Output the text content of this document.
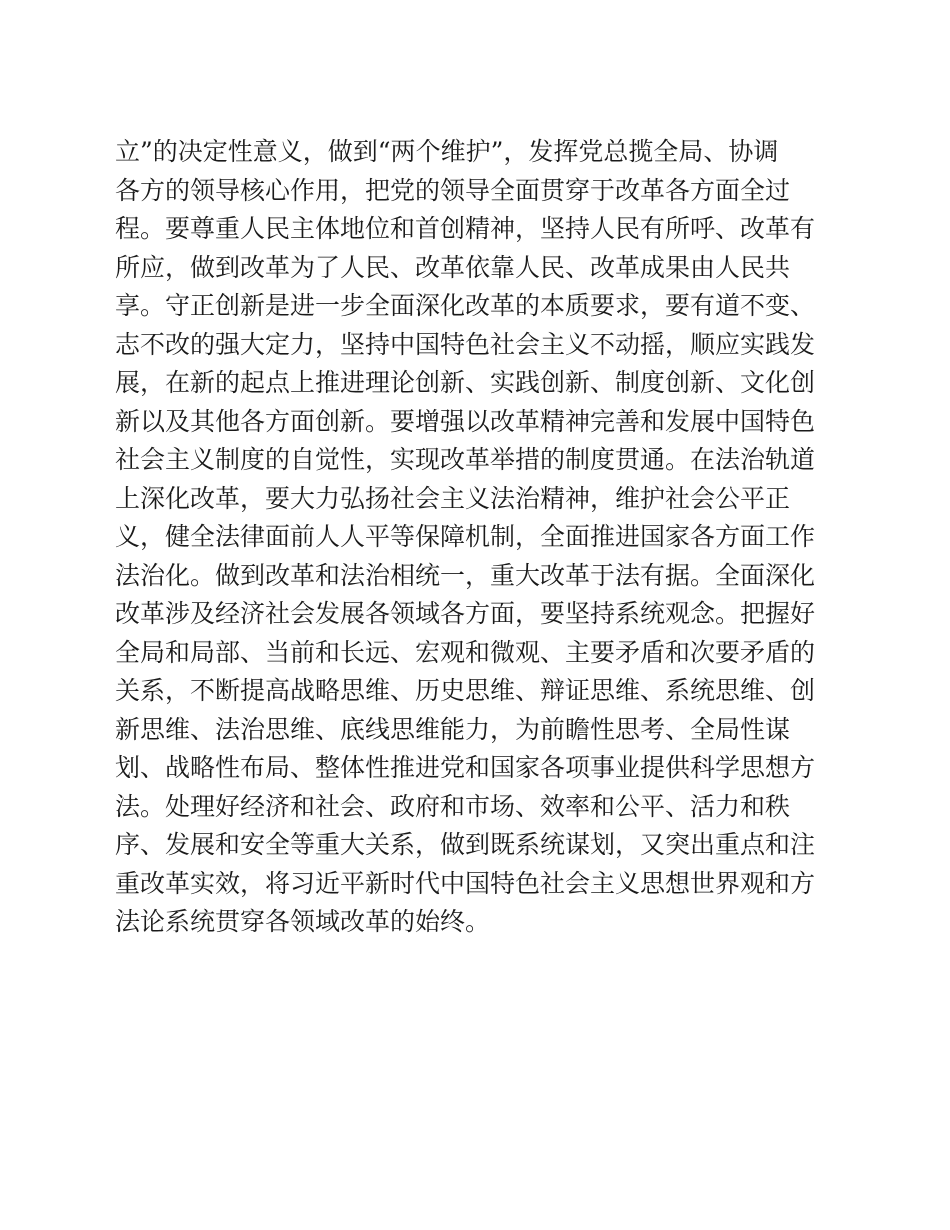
立”的决定性意义，做到“两个维护”，发挥党总揽全局、协调
各方的领导核心作用，把党的领导全面贯穿于改革各方面全过
程。要尊重人民主体地位和首创精神，坚持人民有所呼、改革有
所应，做到改革为了人民、改革依靠人民、改革成果由人民共
享。守正创新是进一步全面深化改革的本质要求，要有道不变、
志不改的强大定力，坚持中国特色社会主义不动摇，顺应实践发
展，在新的起点上推进理论创新、实践创新、制度创新、文化创
新以及其他各方面创新。要增强以改革精神完善和发展中国特色
社会主义制度的自觉性，实现改革举措的制度贯通。在法治轨道
上深化改革，要大力弘扬社会主义法治精神，维护社会公平正
义，健全法律面前人人平等保障机制，全面推进国家各方面工作
法治化。做到改革和法治相统一，重大改革于法有据。全面深化
改革涉及经济社会发展各领域各方面，要坚持系统观念。把握好
全局和局部、当前和长远、宏观和微观、主要矛盾和次要矛盾的
关系，不断提高战略思维、历史思维、辩证思维、系统思维、创
新思维、法治思维、底线思维能力，为前瞻性思考、全局性谋
划、战略性布局、整体性推进党和国家各项事业提供科学思想方
法。处理好经济和社会、政府和市场、效率和公平、活力和秩
序、发展和安全等重大关系，做到既系统谋划，又突出重点和注
重改革实效，将习近平新时代中国特色社会主义思想世界观和方
法论系统贯穿各领域改革的始终。
